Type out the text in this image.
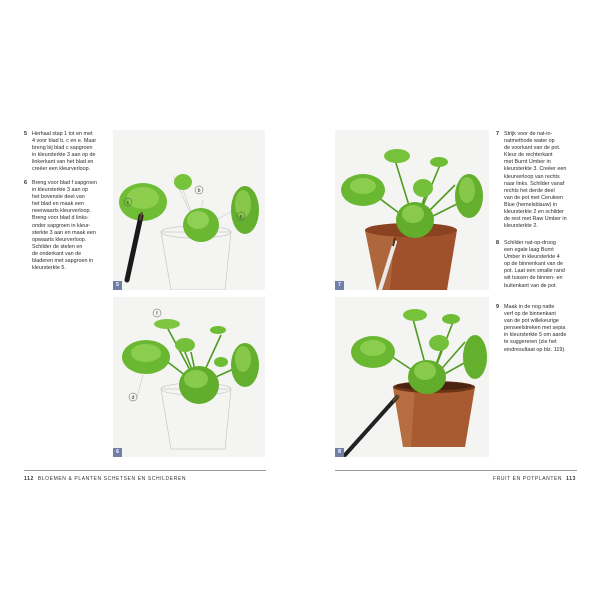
5 Herhaal stap 1 tot en met
4 voor blad b, c en e. Maar
breng bij blad c sapgroen
in kleursterkte 3 aan op de
linkerkant van het blad en
creëer een kleurverloop.
6 Breng voor blad f sapgroen
in kleursterkte 3 aan op
het bovenste deel van
het blad en maak een
neerwaarts kleurverloop.
Breng voor blad d links-
onder sapgroen in kleur-
sterkte 3 aan en maak een
opwaarts kleurverloop.
Schilder de stelen en
de onderkant van de
bladeren met sapgroen in
kleursterkte 5.
c
b
e
5
f
d
6
112 BLOEMEN & PLANTEN SCHETSEN EN SCHILDEREN
7
8
7 Strijk voor de nat-in-
natmethode water op
de voorkant van de pot.
Kleur de rechterkant
met Burnt Umber in
kleursterkte 3. Creëer een
kleurverloop van rechts
naar links. Schilder vanaf
rechts het derde deel
van de pot met Ceruleen
Blue (hemelsblauw) in
kleursterkte 2 en schilder
de rest met Raw Umber in
kleursterkte 2.
8 Schilder nat-op-droog
een egale laag Burnt
Umber in kleursterkte 4
op de binnenkant van de
pot. Laat een smalle rand
wit tussen de binnen- en
buitenkant van de pot.
9 Maak in de nog natte
verf op de binnenkant
van de pot willekeurige
penseelstreken met sepia
in kleursterkte 5 om aarde
te suggereren (zie het
eindresultaat op blz. 119).
FRUIT EN POTPLANTEN 113
